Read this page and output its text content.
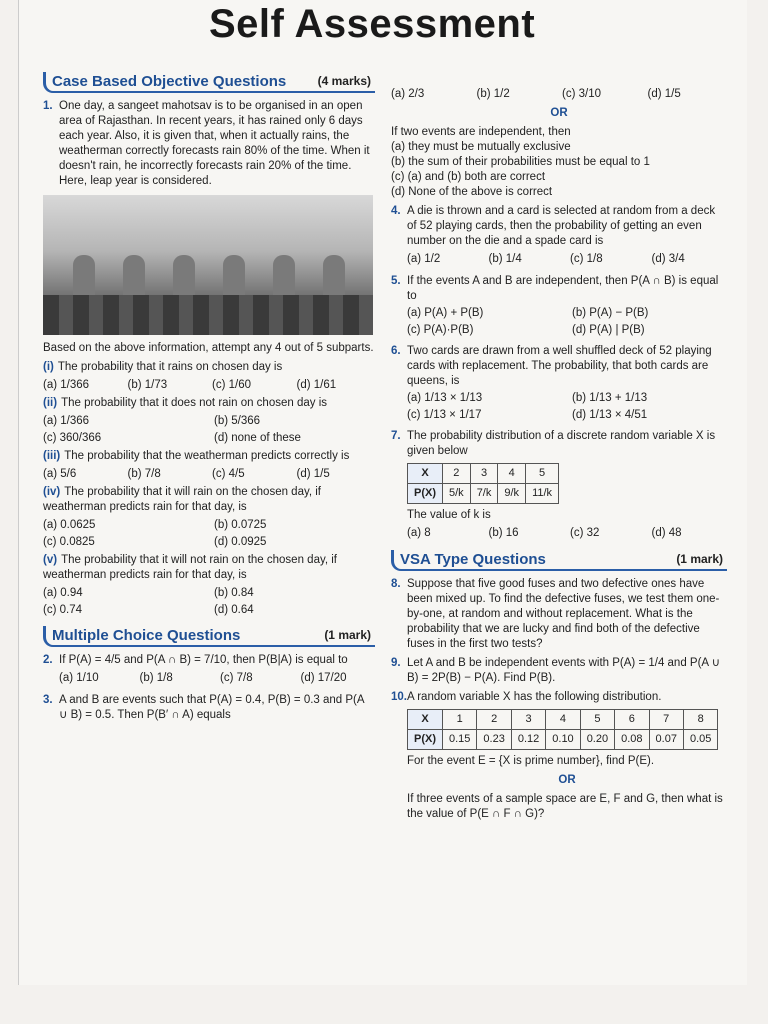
Self Assessment
Case Based Objective Questions	(4 marks)
1. One day, a sangeet mahotsav is to be organised in an open area of Rajasthan. In recent years, it has rained only 6 days each year. Also, it is given that, when it actually rains, the weatherman correctly forecasts rain 80% of the time. When it doesn't rain, he incorrectly forecasts rain 20% of the time. Here, leap year is considered.
Based on the above information, attempt any 4 out of 5 subparts.
(i) The probability that it rains on chosen day is
(a) 1/366	(b) 1/73	(c) 1/60	(d) 1/61
(ii) The probability that it does not rain on chosen day is
(a) 1/366	(b) 5/366
(c) 360/366	(d) none of these
(iii) The probability that the weatherman predicts correctly is
(a) 5/6	(b) 7/8	(c) 4/5	(d) 1/5
(iv) The probability that it will rain on the chosen day, if weatherman predicts rain for that day, is
(a) 0.0625	(b) 0.0725
(c) 0.0825	(d) 0.0925
(v) The probability that it will not rain on the chosen day, if weatherman predicts rain for that day, is
(a) 0.94	(b) 0.84
(c) 0.74	(d) 0.64
Multiple Choice Questions	(1 mark)
2. If P(A) = 4/5 and P(A ∩ B) = 7/10, then P(B|A) is equal to
(a) 1/10	(b) 1/8	(c) 7/8	(d) 17/20
3. A and B are events such that P(A) = 0.4, P(B) = 0.3 and P(A ∪ B) = 0.5. Then P(B′ ∩ A) equals
(a) 2/3	(b) 1/2	(c) 3/10	(d) 1/5
OR
If two events are independent, then
(a) they must be mutually exclusive
(b) the sum of their probabilities must be equal to 1
(c) (a) and (b) both are correct
(d) None of the above is correct
4. A die is thrown and a card is selected at random from a deck of 52 playing cards, then the probability of getting an even number on the die and a spade card is
(a) 1/2	(b) 1/4	(c) 1/8	(d) 3/4
5. If the events A and B are independent, then P(A ∩ B) is equal to
(a) P(A) + P(B)	(b) P(A) − P(B)
(c) P(A)·P(B)	(d) P(A) | P(B)
6. Two cards are drawn from a well shuffled deck of 52 playing cards with replacement. The probability, that both cards are queens, is
(a) 1/13 × 1/13	(b) 1/13 + 1/13
(c) 1/13 × 1/17	(d) 1/13 × 4/51
7. The probability distribution of a discrete random variable X is given below
X	2	3	4	5
P(X)	5/k	7/k	9/k	11/k
The value of k is
(a) 8	(b) 16	(c) 32	(d) 48
VSA Type Questions	(1 mark)
8. Suppose that five good fuses and two defective ones have been mixed up. To find the defective fuses, we test them one-by-one, at random and without replacement. What is the probability that we are lucky and find both of the defective fuses in the first two tests?
9. Let A and B be independent events with P(A) = 1/4 and P(A ∪ B) = 2P(B) − P(A). Find P(B).
10. A random variable X has the following distribution.
X	1	2	3	4	5	6	7	8
P(X)	0.15	0.23	0.12	0.10	0.20	0.08	0.07	0.05
For the event E = {X is prime number}, find P(E).
OR
If three events of a sample space are E, F and G, then what is the value of P(E ∩ F ∩ G)?
